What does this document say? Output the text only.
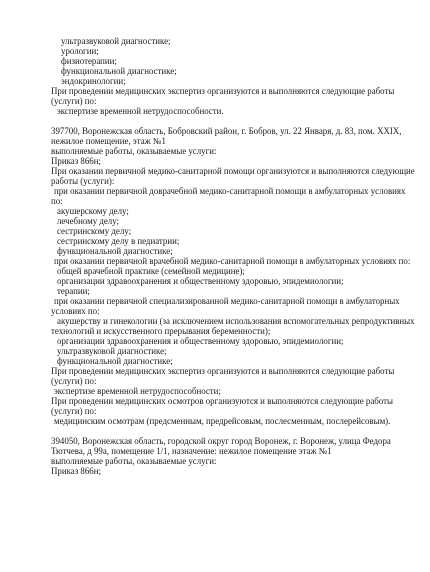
ультразвуковой диагностике;
урологии;
физиотерапии;
функциональной диагностике;
эндокринологии;
При проведении медицинских экспертиз организуются и выполняются следующие работы
(услуги) по:
экспертизе временной нетрудоспособности.
397700, Воронежская область, Бобровский район, г. Бобров, ул. 22 Января, д. 83, пом. XXIX,
нежилое помещение, этаж №1
выполняемые работы, оказываемые услуги:
Приказ 866н;
При оказании первичной медико-санитарной помощи организуются и выполняются следующие
работы (услуги):
при оказании первичной доврачебной медико-санитарной помощи в амбулаторных условиях
по:
акушерскому делу;
лечебному делу;
сестринскому делу;
сестринскому делу в педиатрии;
функциональной диагностике;
при оказании первичной врачебной медико-санитарной помощи в амбулаторных условиях по:
общей врачебной практике (семейной медицине);
организации здравоохранения и общественному здоровью, эпидемиологии;
терапии;
при оказании первичной специализированной медико-санитарной помощи в амбулаторных
условиях по:
акушерству и гинекологии (за исключением использования вспомогательных репродуктивных
технологий и искусственного прерывания беременности);
организации здравоохранения и общественному здоровью, эпидемиологии;
ультразвуковой диагностике;
функциональной диагностике;
При проведении медицинских экспертиз организуются и выполняются следующие работы
(услуги) по:
экспертизе временной нетрудоспособности;
При проведении медицинских осмотров организуются и выполняются следующие работы
(услуги) по:
медицинским осмотрам (предсменным, предрейсовым, послесменным, послерейсовым).
394050, Воронежская область, городской округ город Воронеж, г. Воронеж, улица Федора
Тютчева, д 99а, помещение 1/1, назначение: нежилое помещение этаж №1
выполняемые работы, оказываемые услуги:
Приказ 866н;
